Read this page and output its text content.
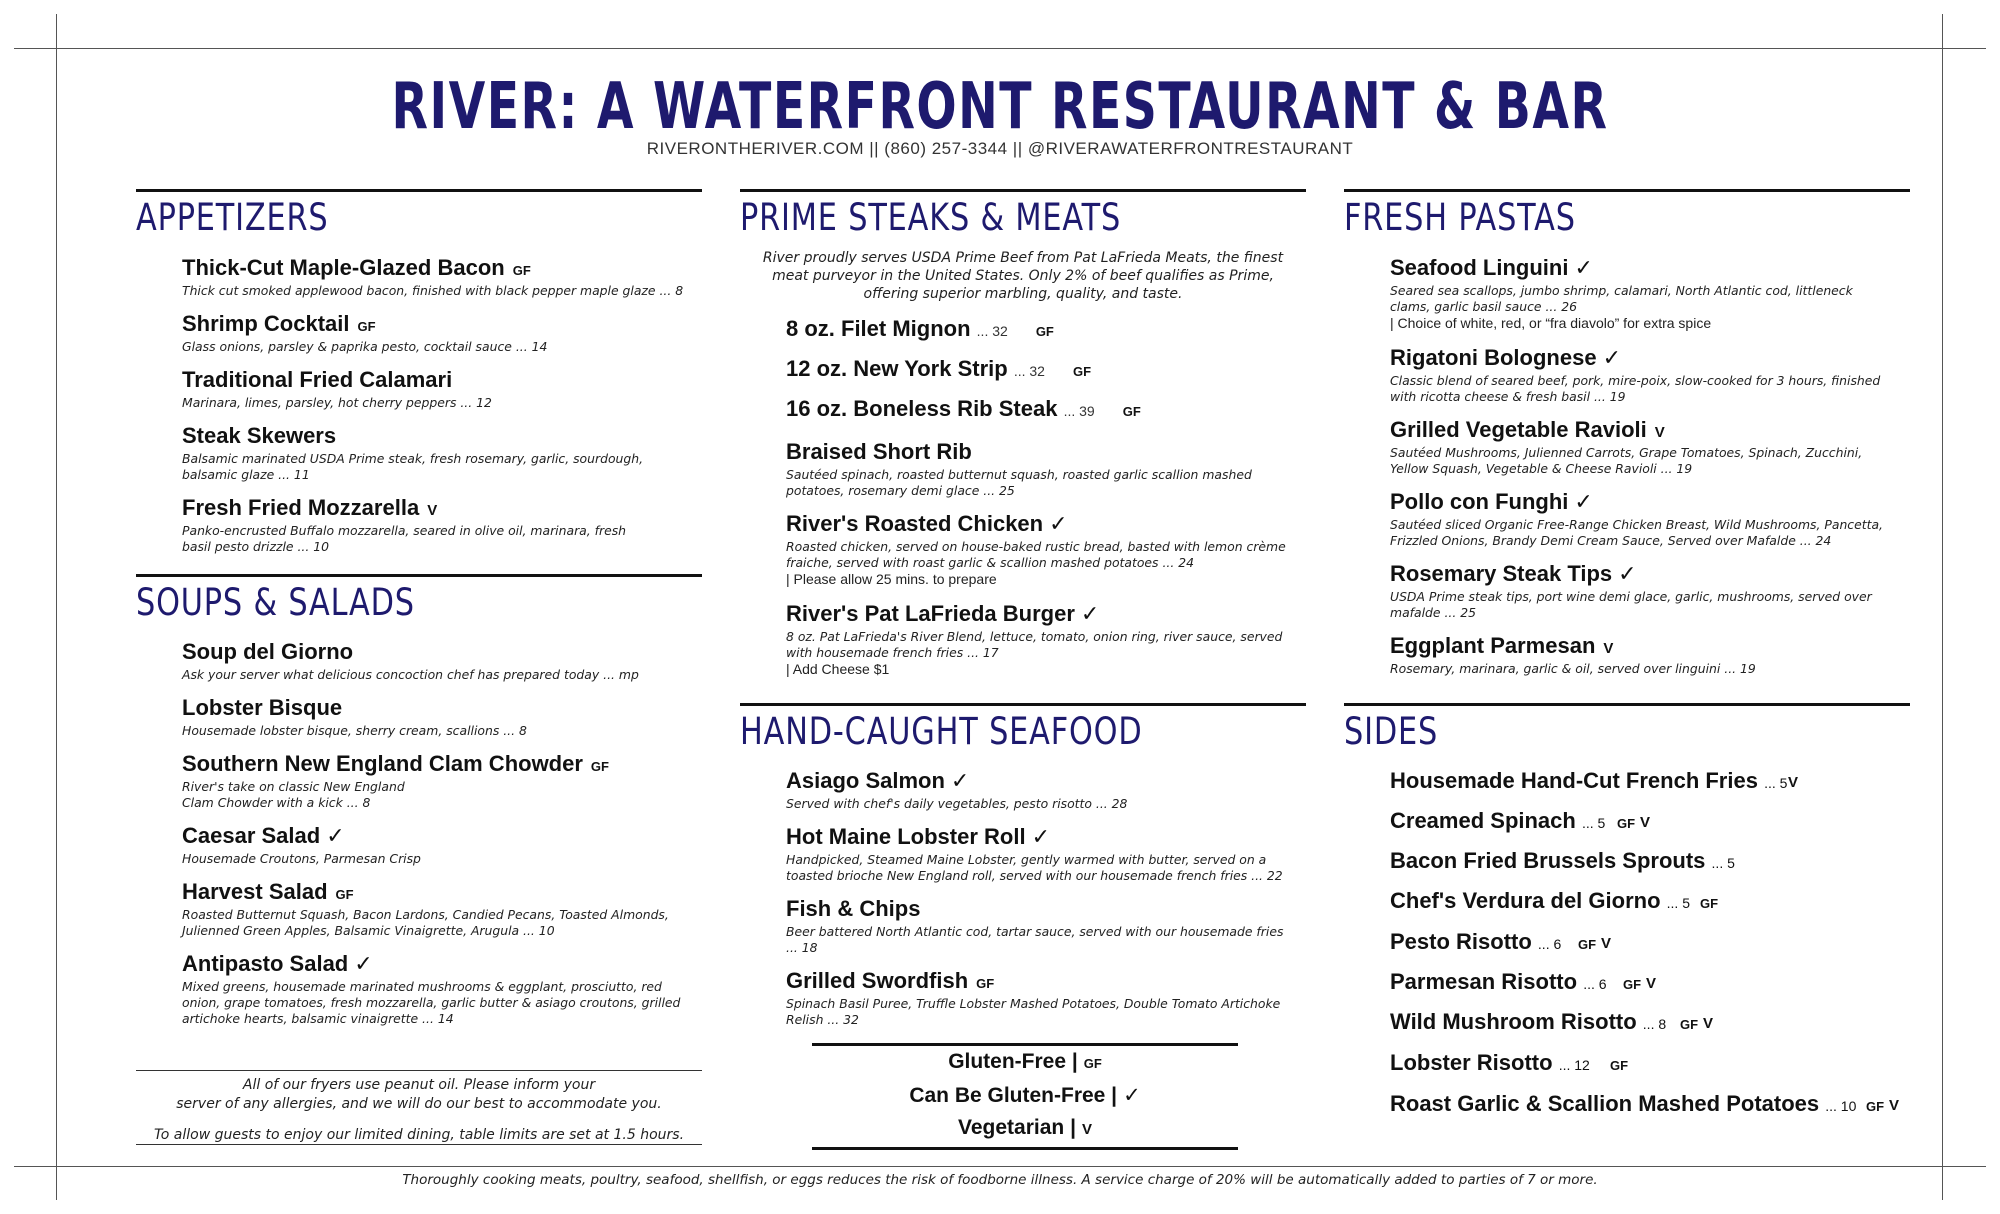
RIVER: A WATERFRONT RESTAURANT & BAR
RIVERONTHERIVER.COM || (860) 257-3344 || @RIVERAWATERFRONTRESTAURANT
APPETIZERS
Thick-Cut Maple-Glazed Bacon GF
Thick cut smoked applewood bacon, finished with black pepper maple glaze ... 8
Shrimp Cocktail GF
Glass onions, parsley & paprika pesto, cocktail sauce ... 14
Traditional Fried Calamari
Marinara, limes, parsley, hot cherry peppers ... 12
Steak Skewers
Balsamic marinated USDA Prime steak, fresh rosemary, garlic, sourdough, balsamic glaze ... 11
Fresh Fried Mozzarella V
Panko-encrusted Buffalo mozzarella, seared in olive oil, marinara, fresh basil pesto drizzle ... 10
SOUPS & SALADS
Soup del Giorno
Ask your server what delicious concoction chef has prepared today ... mp
Lobster Bisque
Housemade lobster bisque, sherry cream, scallions ... 8
Southern New England Clam Chowder GF
River's take on classic New England Clam Chowder with a kick ... 8
Caesar Salad ✓
Housemade Croutons, Parmesan Crisp
Harvest Salad GF
Roasted Butternut Squash, Bacon Lardons, Candied Pecans, Toasted Almonds, Julienned Green Apples, Balsamic Vinaigrette, Arugula ... 10
Antipasto Salad ✓
Mixed greens, housemade marinated mushrooms & eggplant, prosciutto, red onion, grape tomatoes, fresh mozzarella, garlic butter & asiago croutons, grilled artichoke hearts, balsamic vinaigrette ... 14
All of our fryers use peanut oil. Please inform your
server of any allergies, and we will do our best to accommodate you.
To allow guests to enjoy our limited dining, table limits are set at 1.5 hours.
PRIME STEAKS & MEATS
River proudly serves USDA Prime Beef from Pat LaFrieda Meats, the finest meat purveyor in the United States. Only 2% of beef qualifies as Prime, offering superior marbling, quality, and taste.
8 oz. Filet Mignon ... 32 GF
12 oz. New York Strip ... 32 GF
16 oz. Boneless Rib Steak ... 39 GF
Braised Short Rib
Sautéed spinach, roasted butternut squash, roasted garlic scallion mashed potatoes, rosemary demi glace ... 25
River's Roasted Chicken ✓
Roasted chicken, served on house-baked rustic bread, basted with lemon crème fraiche, served with roast garlic & scallion mashed potatoes ... 24
| Please allow 25 mins. to prepare
River's Pat LaFrieda Burger ✓
8 oz. Pat LaFrieda's River Blend, lettuce, tomato, onion ring, river sauce, served with housemade french fries ... 17
| Add Cheese $1
HAND-CAUGHT SEAFOOD
Asiago Salmon ✓
Served with chef's daily vegetables, pesto risotto ... 28
Hot Maine Lobster Roll ✓
Handpicked, Steamed Maine Lobster, gently warmed with butter, served on a toasted brioche New England roll, served with our housemade french fries ... 22
Fish & Chips
Beer battered North Atlantic cod, tartar sauce, served with our housemade fries ... 18
Grilled Swordfish GF
Spinach Basil Puree, Truffle Lobster Mashed Potatoes, Double Tomato Artichoke Relish ... 32
Gluten-Free | GF
Can Be Gluten-Free | ✓
Vegetarian | V
FRESH PASTAS
Seafood Linguini ✓
Seared sea scallops, jumbo shrimp, calamari, North Atlantic cod, littleneck clams, garlic basil sauce ... 26
| Choice of white, red, or “fra diavolo” for extra spice
Rigatoni Bolognese ✓
Classic blend of seared beef, pork, mire-poix, slow-cooked for 3 hours, finished with ricotta cheese & fresh basil ... 19
Grilled Vegetable Ravioli V
Sautéed Mushrooms, Julienned Carrots, Grape Tomatoes, Spinach, Zucchini, Yellow Squash, Vegetable & Cheese Ravioli ... 19
Pollo con Funghi ✓
Sautéed sliced Organic Free-Range Chicken Breast, Wild Mushrooms, Pancetta, Frizzled Onions, Brandy Demi Cream Sauce, Served over Mafalde ... 24
Rosemary Steak Tips ✓
USDA Prime steak tips, port wine demi glace, garlic, mushrooms, served over mafalde ... 25
Eggplant Parmesan V
Rosemary, marinara, garlic & oil, served over linguini ... 19
SIDES
Housemade Hand-Cut French Fries ... 5 V
Creamed Spinach ... 5 GF V
Bacon Fried Brussels Sprouts ... 5
Chef's Verdura del Giorno ... 5 GF
Pesto Risotto ... 6 GF V
Parmesan Risotto ... 6 GF V
Wild Mushroom Risotto ... 8 GF V
Lobster Risotto ... 12 GF
Roast Garlic & Scallion Mashed Potatoes ... 10 GF V
Thoroughly cooking meats, poultry, seafood, shellfish, or eggs reduces the risk of foodborne illness. A service charge of 20% will be automatically added to parties of 7 or more.
